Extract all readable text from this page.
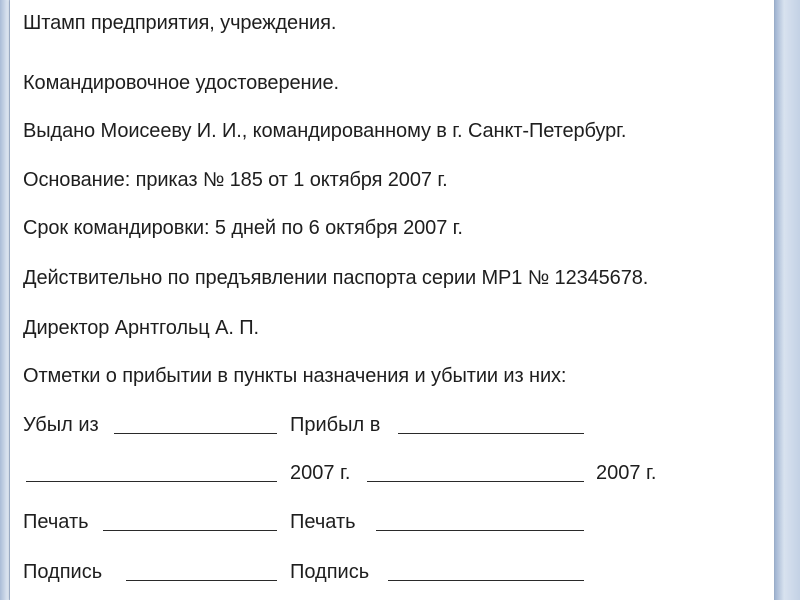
Штамп предприятия, учреждения.

Командировочное удостоверение.

Выдано Моисееву И. И., командированному в г. Санкт-Петербург.

Основание: приказ № 185 от 1 октября 2007 г.

Срок командировки: 5 дней по 6 октября 2007 г.

Действительно по предъявлении паспорта серии МР1 № 12345678.

Директор Арнтгольц А. П.

Отметки о прибытии в пункты назначения и убытии из них:

Убыл из	Прибыл в
2007 г.	2007 г.
Печать	Печать
Подпись	Подпись
